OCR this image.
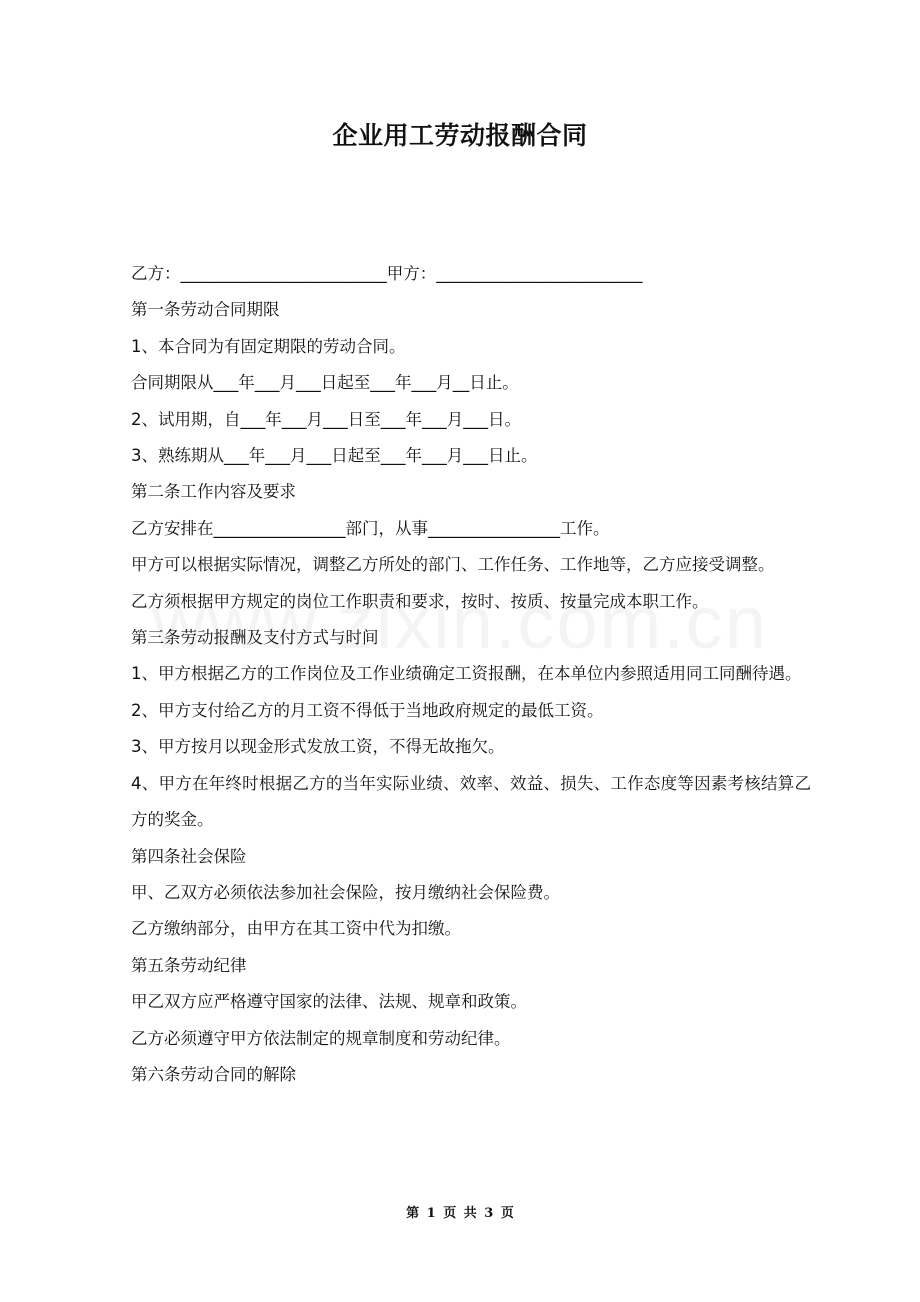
企业用工劳动报酬合同

乙方：_________________________甲方：_________________________

第一条劳动合同期限

1、本合同为有固定期限的劳动合同。

合同期限从___年___月___日起至___年___月__日止。

2、试用期，自___年___月___日至___年___月___日。

3、熟练期从___年___月___日起至___年___月___日止。

第二条工作内容及要求

乙方安排在________________部门，从事________________工作。

甲方可以根据实际情况，调整乙方所处的部门、工作任务、工作地等，乙方应接受调整。

乙方须根据甲方规定的岗位工作职责和要求，按时、按质、按量完成本职工作。

第三条劳动报酬及支付方式与时间

1、甲方根据乙方的工作岗位及工作业绩确定工资报酬，在本单位内参照适用同工同酬待遇。

2、甲方支付给乙方的月工资不得低于当地政府规定的最低工资。

3、甲方按月以现金形式发放工资，不得无故拖欠。

4、甲方在年终时根据乙方的当年实际业绩、效率、效益、损失、工作态度等因素考核结算乙方的奖金。

第四条社会保险

甲、乙双方必须依法参加社会保险，按月缴纳社会保险费。

乙方缴纳部分，由甲方在其工资中代为扣缴。

第五条劳动纪律

甲乙双方应严格遵守国家的法律、法规、规章和政策。

乙方必须遵守甲方依法制定的规章制度和劳动纪律。

第六条劳动合同的解除

第 1 页 共 3 页
